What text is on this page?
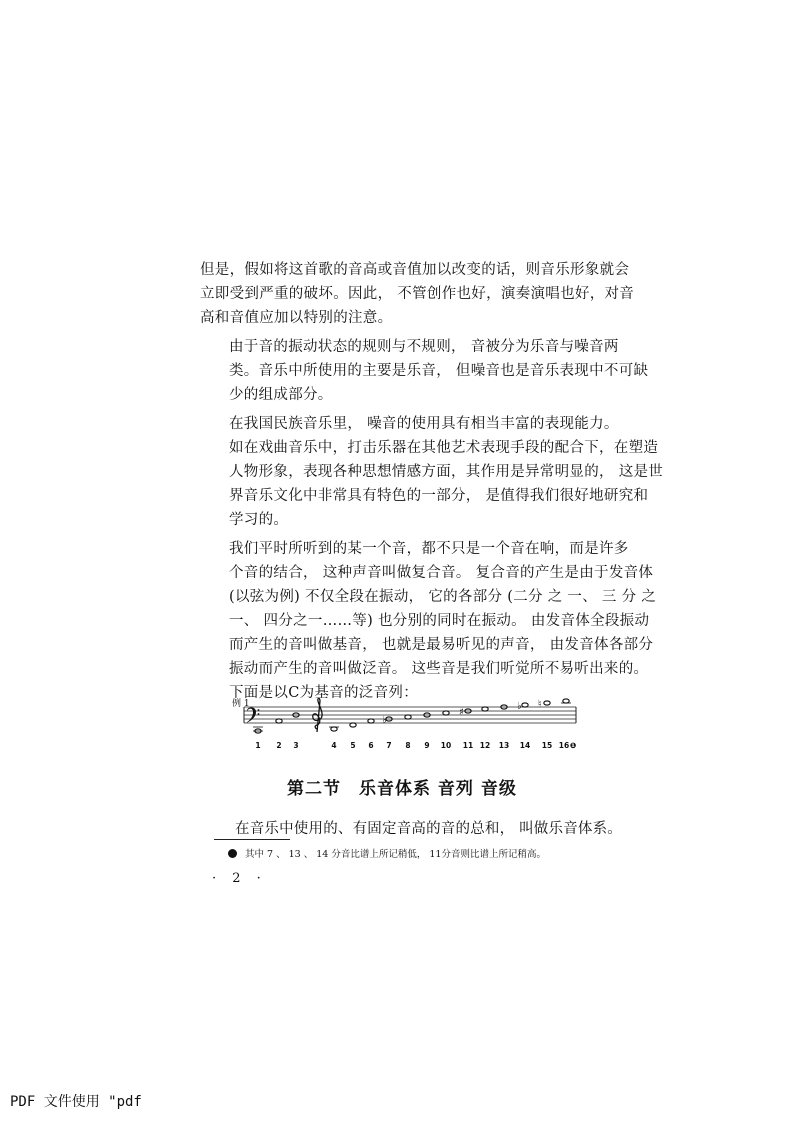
但是，假如将这首歌的音高或音值加以改变的话，则音乐形象就会
立即受到严重的破坏。因此， 不管创作也好，演奏演唱也好，对音
高和音值应加以特别的注意。

由于音的振动状态的规则与不规则， 音被分为乐音与噪音两
类。音乐中所使用的主要是乐音， 但噪音也是音乐表现中不可缺
少的组成部分。

在我国民族音乐里， 噪音的使用具有相当丰富的表现能力。
如在戏曲音乐中，打击乐器在其他艺术表现手段的配合下，在塑造
人物形象，表现各种思想情感方面，其作用是异常明显的， 这是世
界音乐文化中非常具有特色的一部分， 是值得我们很好地研究和
学习的。

我们平时所听到的某一个音，都不只是一个音在响，而是许多
个音的结合， 这种声音叫做复合音。 复合音的产生是由于发音体
(以弦为例) 不仅全段在振动， 它的各部分 (二分 之 一、 三 分 之
一、 四分之一……等) 也分别的同时在振动。 由发音体全段振动
而产生的音叫做基音， 也就是最易听见的声音， 由发音体各部分
振动而产生的音叫做泛音。 这些音是我们听觉所不易听出来的。
下面是以C为基音的泛音列：

例 1
♭
♯
♭ ♮
1 2 3	4 5 6 7 8 9 10 11 12 13 14 15 16 ❶
第二节 乐音体系 音列 音级

在音乐中使用的、有固定音高的音的总和， 叫做乐音体系。

其中 7 、 13 、 14 分音比谱上所记稍低， 11分音则比谱上所记稍高。

· 2 ·

PDF 文件使用 "pdf
